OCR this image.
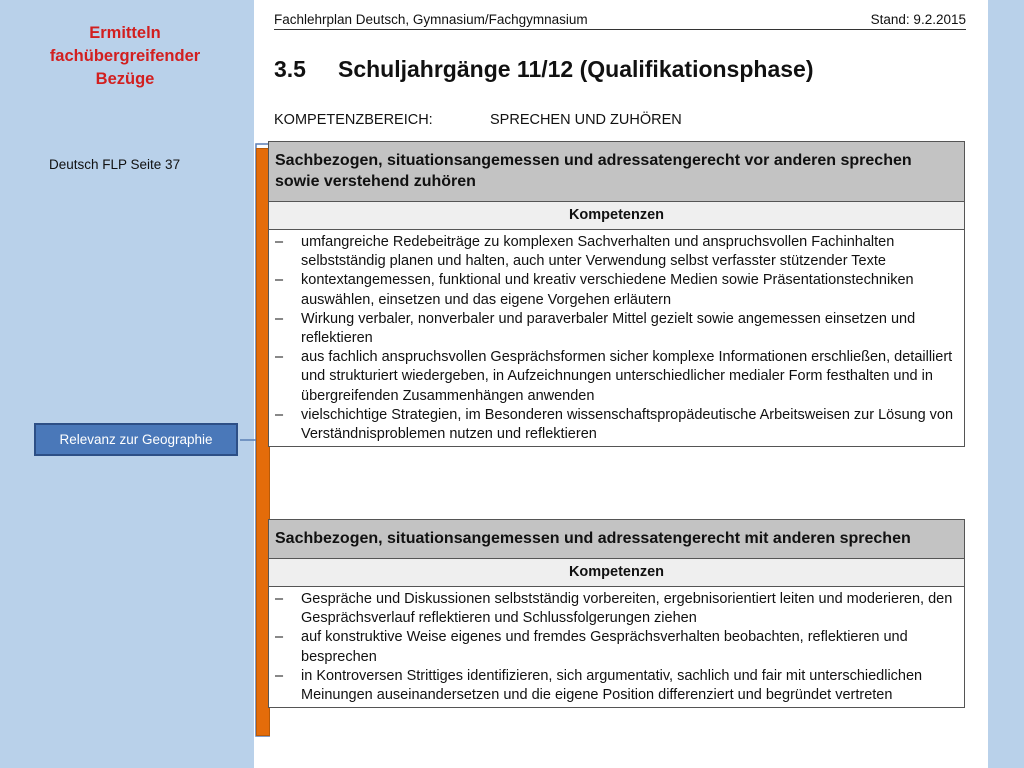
Ermitteln
fachübergreifender
Bezüge
Deutsch FLP Seite 37
Relevanz zur Geographie
Fachlehrplan Deutsch, Gymnasium/Fachgymnasium	Stand: 9.2.2015
3.5 Schuljahrgänge 11/12 (Qualifikationsphase)
KOMPETENZBEREICH:	SPRECHEN UND ZUHÖREN
Sachbezogen, situationsangemessen und adressatengerecht vor anderen sprechen sowie verstehend zuhören
Kompetenzen
– umfangreiche Redebeiträge zu komplexen Sachverhalten und anspruchsvollen Fachinhalten selbstständig planen und halten, auch unter Verwendung selbst verfasster stützender Texte
– kontextangemessen, funktional und kreativ verschiedene Medien sowie Präsentationstechniken auswählen, einsetzen und das eigene Vorgehen erläutern
– Wirkung verbaler, nonverbaler und paraverbaler Mittel gezielt sowie angemessen einsetzen und reflektieren
– aus fachlich anspruchsvollen Gesprächsformen sicher komplexe Informationen erschließen, detailliert und strukturiert wiedergeben, in Aufzeichnungen unterschiedlicher medialer Form festhalten und in übergreifenden Zusammenhängen anwenden
– vielschichtige Strategien, im Besonderen wissenschaftspropädeutische Arbeitsweisen zur Lösung von Verständnisproblemen nutzen und reflektieren
Sachbezogen, situationsangemessen und adressatengerecht mit anderen sprechen
Kompetenzen
– Gespräche und Diskussionen selbstständig vorbereiten, ergebnisorientiert leiten und moderieren, den Gesprächsverlauf reflektieren und Schlussfolgerungen ziehen
– auf konstruktive Weise eigenes und fremdes Gesprächsverhalten beobachten, reflektieren und besprechen
– in Kontroversen Strittiges identifizieren, sich argumentativ, sachlich und fair mit unterschiedlichen Meinungen auseinandersetzen und die eigene Position differenziert und begründet vertreten
